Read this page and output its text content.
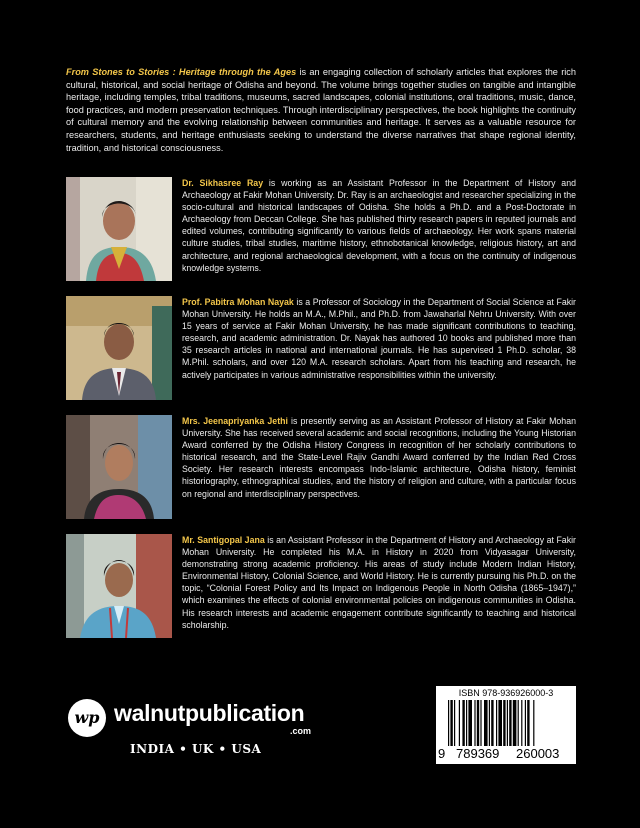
From Stones to Stories : Heritage through the Ages is an engaging collection of scholarly articles that explores the rich cultural, historical, and social heritage of Odisha and beyond. The volume brings together studies on tangible and intangible heritage, including temples, tribal traditions, museums, sacred landscapes, colonial institutions, oral traditions, music, dance, food practices, and modern preservation techniques. Through interdisciplinary perspectives, the book highlights the continuity of cultural memory and the evolving relationship between communities and heritage. It serves as a valuable resource for researchers, students, and heritage enthusiasts seeking to understand the diverse narratives that shape regional identity, tradition, and historical consciousness.

Dr. Sikhasree Ray is working as an Assistant Professor in the Department of History and Archaeology at Fakir Mohan University. Dr. Ray is an archaeologist and researcher specializing in the socio-cultural and historical landscapes of Odisha. She holds a Ph.D. and a Post-Doctorate in Archaeology from Deccan College. She has published thirty research papers in reputed journals and edited volumes, contributing significantly to various fields of archaeology. Her work spans material culture studies, tribal studies, maritime history, ethnobotanical knowledge, religious history, art and architecture, and regional archaeological development, with a focus on the continuity of indigenous knowledge systems.

Prof. Pabitra Mohan Nayak is a Professor of Sociology in the Department of Social Science at Fakir Mohan University. He holds an M.A., M.Phil., and Ph.D. from Jawaharlal Nehru University. With over 15 years of service at Fakir Mohan University, he has made significant contributions to teaching, research, and academic administration. Dr. Nayak has authored 10 books and published more than 35 research articles in national and international journals. He has supervised 1 Ph.D. scholar, 38 M.Phil. scholars, and over 120 M.A. research scholars. Apart from his teaching and research, he actively participates in various administrative responsibilities within the university.

Mrs. Jeenapriyanka Jethi is presently serving as an Assistant Professor of History at Fakir Mohan University. She has received several academic and social recognitions, including the Young Historian Award conferred by the Odisha History Congress in recognition of her scholarly contributions to historical research, and the State-Level Rajiv Gandhi Award conferred by the Indian Red Cross Society. Her research interests encompass Indo-Islamic architecture, Odisha history, feminist historiography, ethnographical studies, and the history of religion and culture, with a particular focus on regional and interdisciplinary perspectives.

Mr. Santigopal Jana is an Assistant Professor in the Department of History and Archaeology at Fakir Mohan University. He completed his M.A. in History in 2020 from Vidyasagar University, demonstrating strong academic proficiency. His areas of study include Modern Indian History, Environmental History, Colonial Science, and World History. He is currently pursuing his Ph.D. on the topic, “Colonial Forest Policy and Its Impact on Indigenous People in North Odisha (1865–1947),” which examines the effects of colonial environmental policies on indigenous communities in Odisha. His research interests and academic engagement contribute significantly to teaching and historical scholarship.

wp walnutpublication
.com
INDIA • UK • USA
ISBN 978-936926000-3
9 789369 260003
